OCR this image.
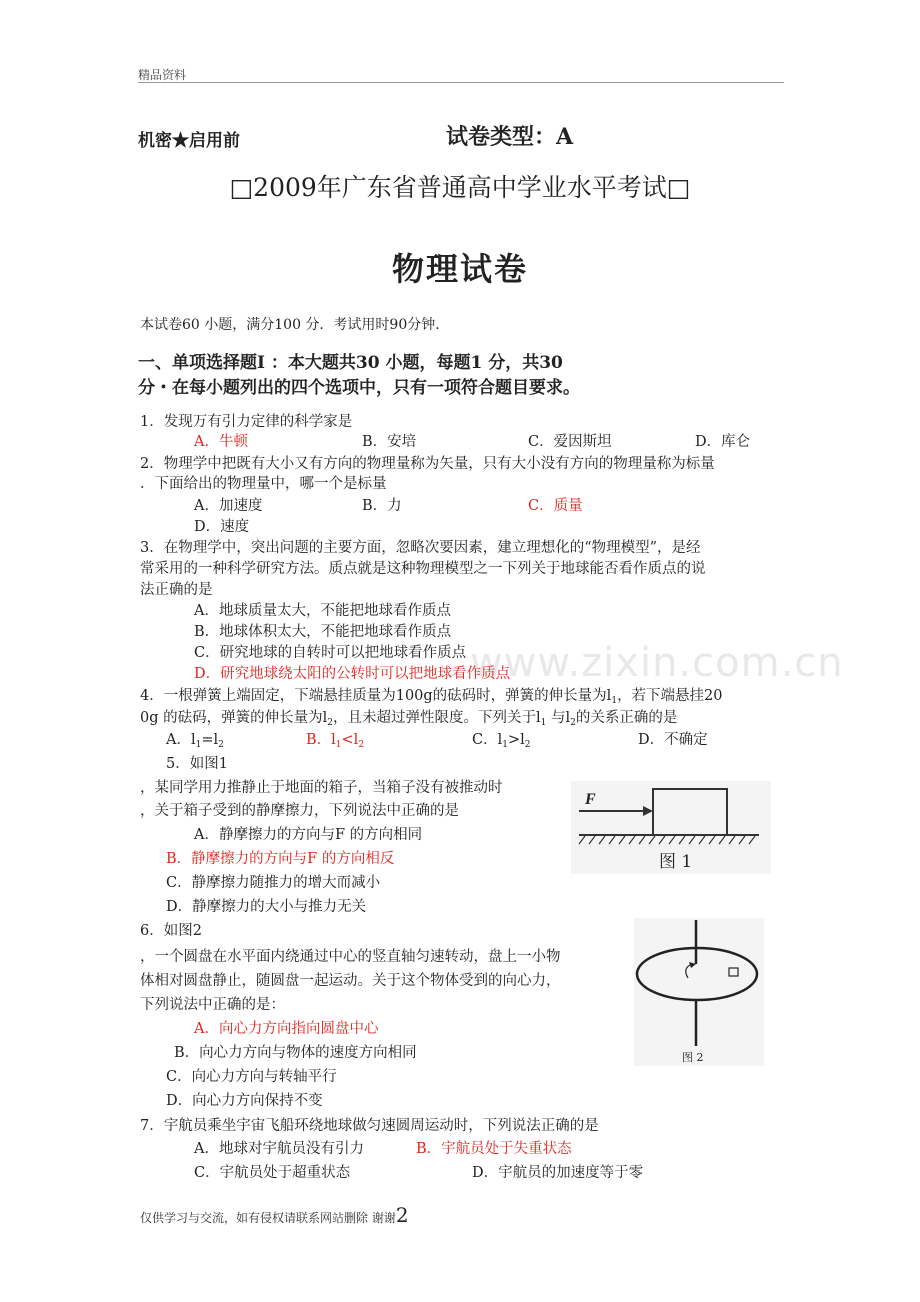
精品资料
机密★启用前	试卷类型：A
□2009年广东省普通高中学业水平考试□
物理试卷
本试卷60 小题，满分100 分．考试用时90分钟．
一、单项选择题I ：本大题共30 小题，每题1 分，共30
分・在每小题列出的四个选项中，只有一项符合题目要求。
www.zixin.com.cn
1．发现万有引力定律的科学家是
A．牛顿	B．安培	C．爱因斯坦	D．库仑
2．物理学中把既有大小又有方向的物理量称为矢量，只有大小没有方向的物理量称为标量
．下面给出的物理量中，哪一个是标量
A．加速度	B．力	C．质量
D．速度
3．在物理学中，突出问题的主要方面，忽略次要因素，建立理想化的“物理模型”，是经
常采用的一种科学研究方法。质点就是这种物理模型之一下列关于地球能否看作质点的说
法正确的是
A．地球质量太大，不能把地球看作质点
B．地球体积太大，不能把地球看作质点
C．研究地球的自转时可以把地球看作质点
D．研究地球绕太阳的公转时可以把地球看作质点
4．一根弹簧上端固定，下端悬挂质量为100g的砝码时，弹簧的伸长量为$l_1$，若下端悬挂20
0g 的砝码，弹簧的伸长量为$l_2$，且未超过弹性限度。下列关于$l_1$ 与$l_2$的关系正确的是
A．$l_1=l_2$	B．$l_1<l_2$	C．$l_1>l_2$	D．不确定
5．如图1
，某同学用力推静止于地面的箱子，当箱子没有被推动时
，关于箱子受到的静摩擦力，下列说法中正确的是
A．静摩擦力的方向与F 的方向相同
B．静摩擦力的方向与F 的方向相反
C．静摩擦力随推力的增大而减小
D．静摩擦力的大小与推力无关
F
图 1
6．如图2
，一个圆盘在水平面内绕通过中心的竖直轴匀速转动，盘上一小物
体相对圆盘静止，随圆盘一起运动。关于这个物体受到的向心力，
下列说法中正确的是：
A．向心力方向指向圆盘中心
B．向心力方向与物体的速度方向相同
C．向心力方向与转轴平行
D．向心力方向保持不变
图 2
7．宇航员乘坐宇宙飞船环绕地球做匀速圆周运动时，下列说法正确的是
A．地球对宇航员没有引力	B．宇航员处于失重状态
C．宇航员处于超重状态	D．宇航员的加速度等于零
仅供学习与交流，如有侵权请联系网站删除 谢谢2
